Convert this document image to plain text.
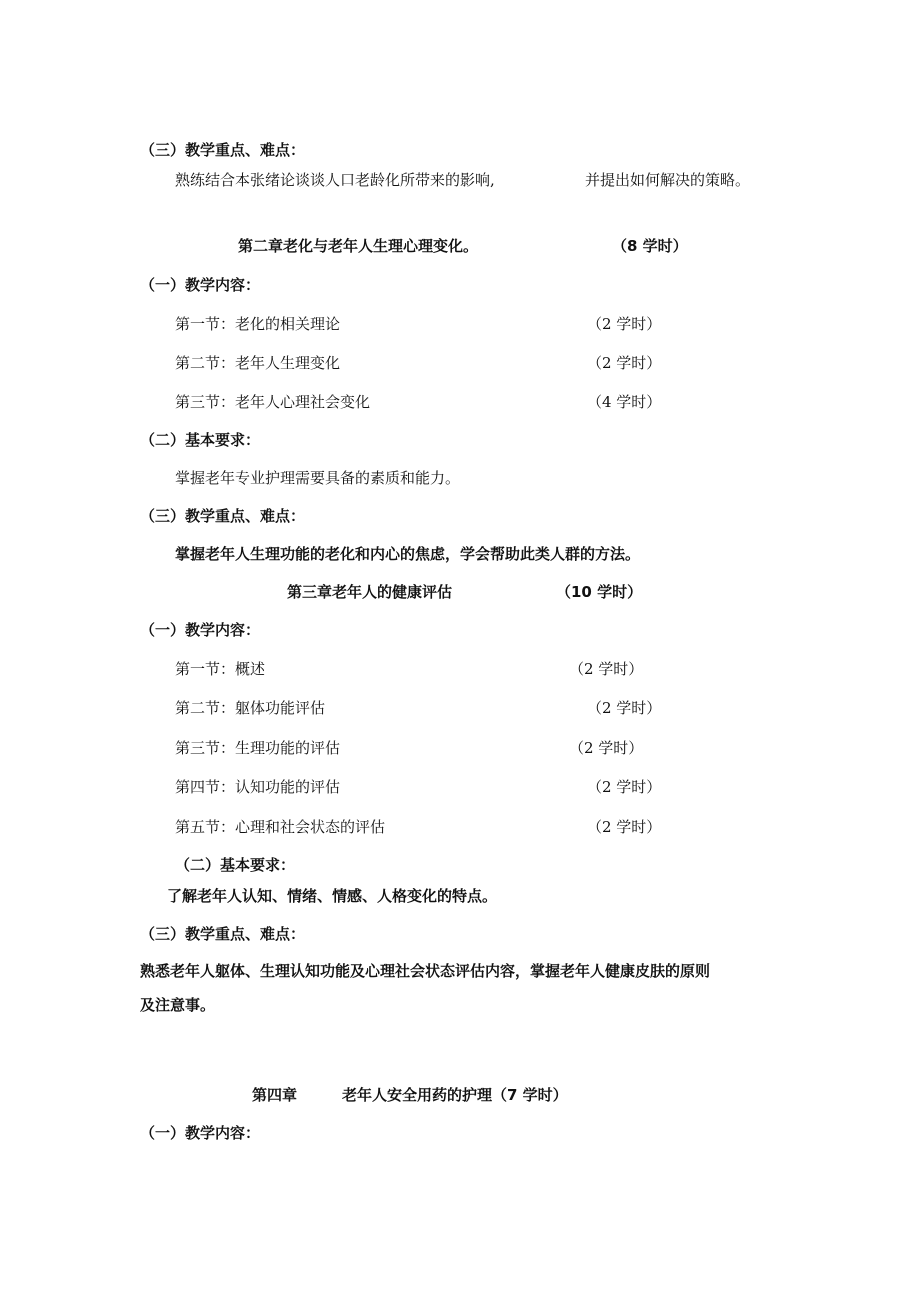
（三）教学重点、难点：
熟练结合本张绪论谈谈人口老龄化所带来的影响,	并提出如何解决的策略。
第二章老化与老年人生理心理变化。	（8 学时）
（一）教学内容：
第一节：老化的相关理论	（2 学时）
第二节：老年人生理变化	（2 学时）
第三节：老年人心理社会变化	（4 学时）
（二）基本要求：
掌握老年专业护理需要具备的素质和能力。
（三）教学重点、难点：
掌握老年人生理功能的老化和内心的焦虑，学会帮助此类人群的方法。
第三章老年人的健康评估	（10 学时）
（一）教学内容：
第一节：概述	（2 学时）
第二节：躯体功能评估	（2 学时）
第三节：生理功能的评估	（2 学时）
第四节：认知功能的评估	（2 学时）
第五节：心理和社会状态的评估	（2 学时）
（二）基本要求：
了解老年人认知、情绪、情感、人格变化的特点。
（三）教学重点、难点：
熟悉老年人躯体、生理认知功能及心理社会状态评估内容，掌握老年人健康皮肤的原则
及注意事。
第四章	老年人安全用药的护理（7 学时）
（一）教学内容：
